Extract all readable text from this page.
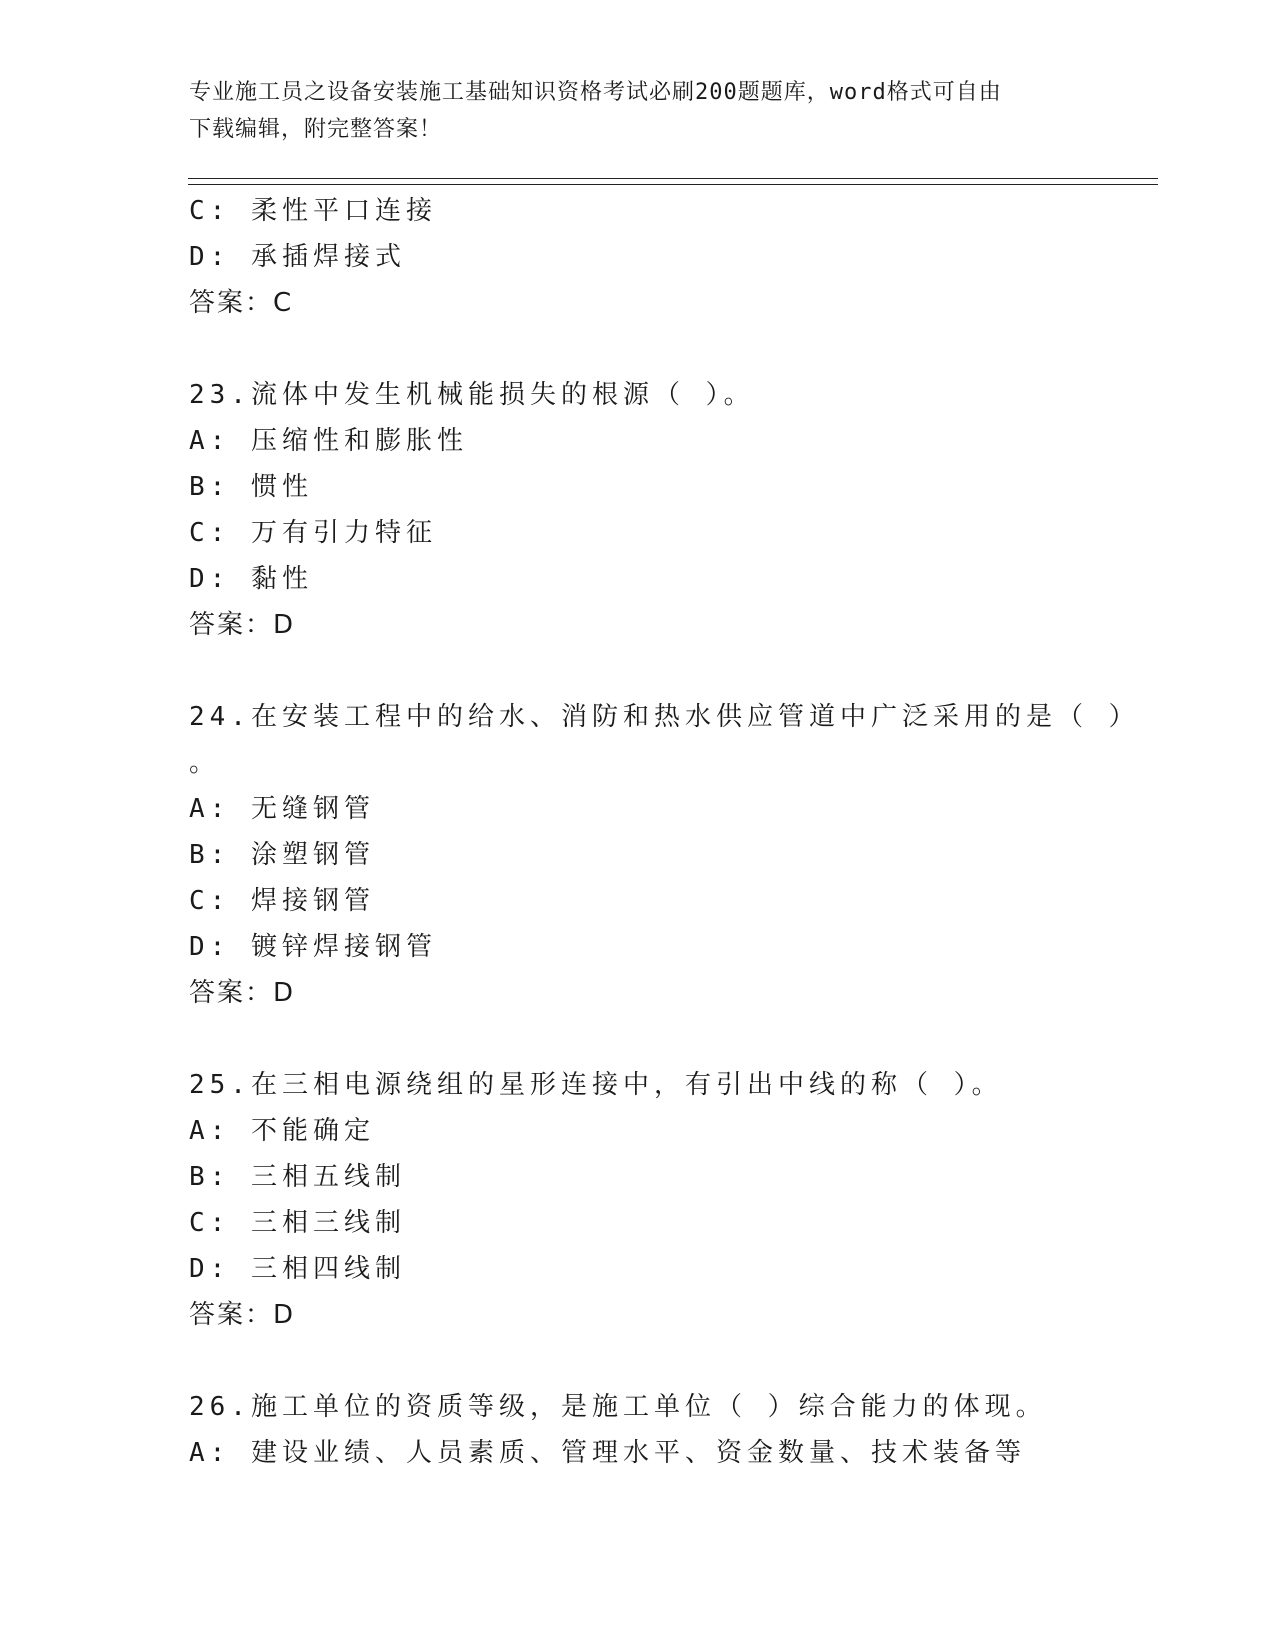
专业施工员之设备安装施工基础知识资格考试必刷200题题库，word格式可自由
下载编辑，附完整答案！
C: 柔性平口连接
D: 承插焊接式
答案：C
23.流体中发生机械能损失的根源（ ）。
A: 压缩性和膨胀性
B: 惯性
C: 万有引力特征
D: 黏性
答案：D
24.在安装工程中的给水、消防和热水供应管道中广泛采用的是（ ）
。
A: 无缝钢管
B: 涂塑钢管
C: 焊接钢管
D: 镀锌焊接钢管
答案：D
25.在三相电源绕组的星形连接中，有引出中线的称（ ）。
A: 不能确定
B: 三相五线制
C: 三相三线制
D: 三相四线制
答案：D
26.施工单位的资质等级，是施工单位（ ）综合能力的体现。
A: 建设业绩、人员素质、管理水平、资金数量、技术装备等
